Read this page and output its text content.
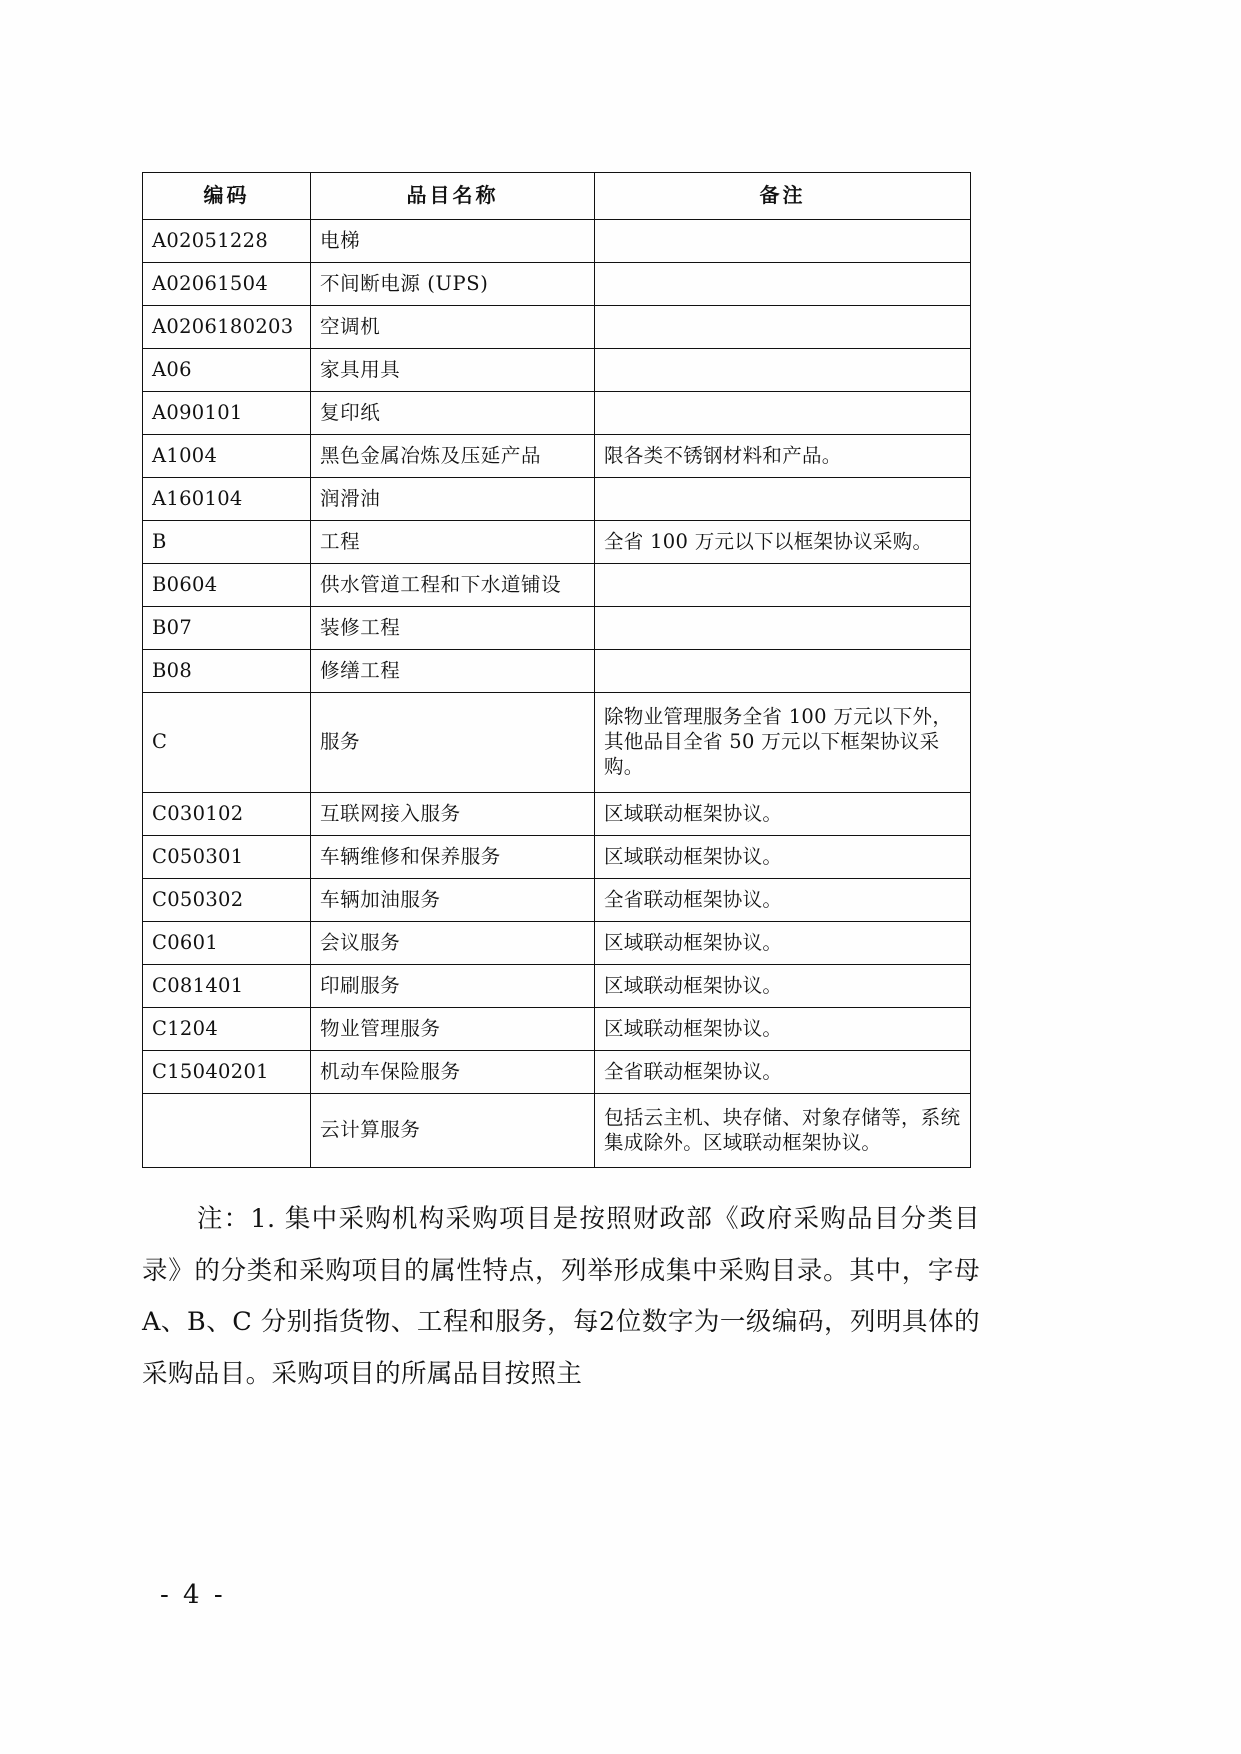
编码	品目名称	备注
A02051228	电梯	
A02061504	不间断电源 (UPS)	
A0206180203	空调机	
A06	家具用具	
A090101	复印纸	
A1004	黑色金属冶炼及压延产品	限各类不锈钢材料和产品。
A160104	润滑油	
B	工程	全省 100 万元以下以框架协议采购。
B0604	供水管道工程和下水道铺设	
B07	装修工程	
B08	修缮工程	
C	服务	除物业管理服务全省 100 万元以下外，其他品目全省 50 万元以下框架协议采购。
C030102	互联网接入服务	区域联动框架协议。
C050301	车辆维修和保养服务	区域联动框架协议。
C050302	车辆加油服务	全省联动框架协议。
C0601	会议服务	区域联动框架协议。
C081401	印刷服务	区域联动框架协议。
C1204	物业管理服务	区域联动框架协议。
C15040201	机动车保险服务	全省联动框架协议。
	云计算服务	包括云主机、块存储、对象存储等，系统集成除外。区域联动框架协议。

注：1. 集中采购机构采购项目是按照财政部《政府采购品目分类目录》的分类和采购项目的属性特点，列举形成集中采购目录。其中，字母 A、B、C 分别指货物、工程和服务，每2位数字为一级编码，列明具体的采购品目。采购项目的所属品目按照主

- 4 -
